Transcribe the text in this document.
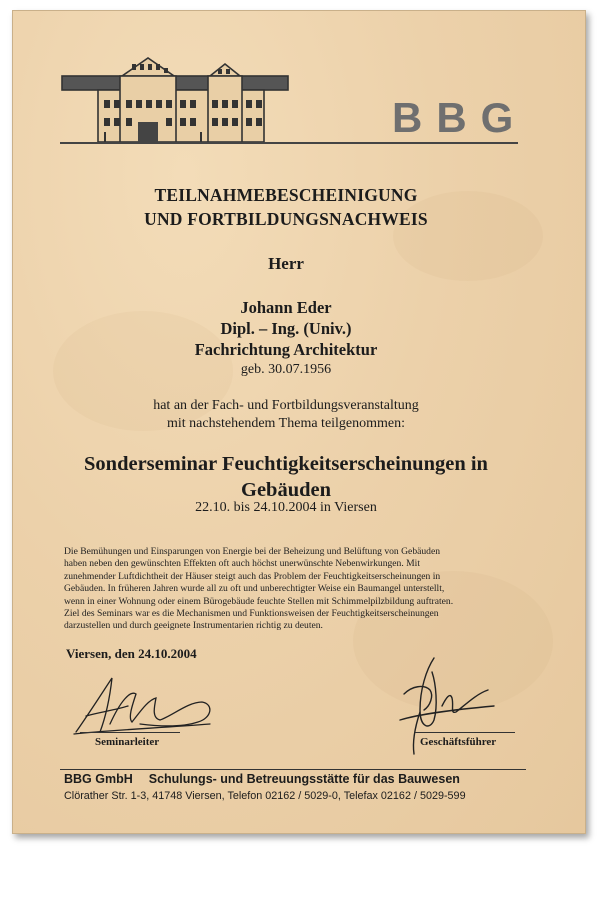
BBG
TEILNAHMEBESCHEINIGUNG
UND FORTBILDUNGSNACHWEIS
Herr
Johann Eder
Dipl. – Ing. (Univ.)
Fachrichtung Architektur
geb. 30.07.1956
hat an der Fach- und Fortbildungsveranstaltung
mit nachstehendem Thema teilgenommen:
Sonderseminar Feuchtigkeitserscheinungen in
Gebäuden
22.10. bis 24.10.2004 in Viersen
Die Bemühungen und Einsparungen von Energie bei der Beheizung und Belüftung von Gebäuden
haben neben den gewünschten Effekten oft auch höchst unerwünschte Nebenwirkungen. Mit
zunehmender Luftdichtheit der Häuser steigt auch das Problem der Feuchtigkeitserscheinungen in
Gebäuden. In früheren Jahren wurde all zu oft und unberechtigter Weise ein Baumangel unterstellt,
wenn in einer Wohnung oder einem Bürogebäude feuchte Stellen mit Schimmelpilzbildung auftraten.
Ziel des Seminars war es die Mechanismen und Funktionsweisen der Feuchtigkeitserscheinungen
darzustellen und durch geeignete Instrumentarien richtig zu deuten.
Viersen, den 24.10.2004
Seminarleiter	Geschäftsführer
BBG GmbH Schulungs- und Betreuungsstätte für das Bauwesen
Clörather Str. 1-3, 41748 Viersen, Telefon 02162 / 5029-0, Telefax 02162 / 5029-599
